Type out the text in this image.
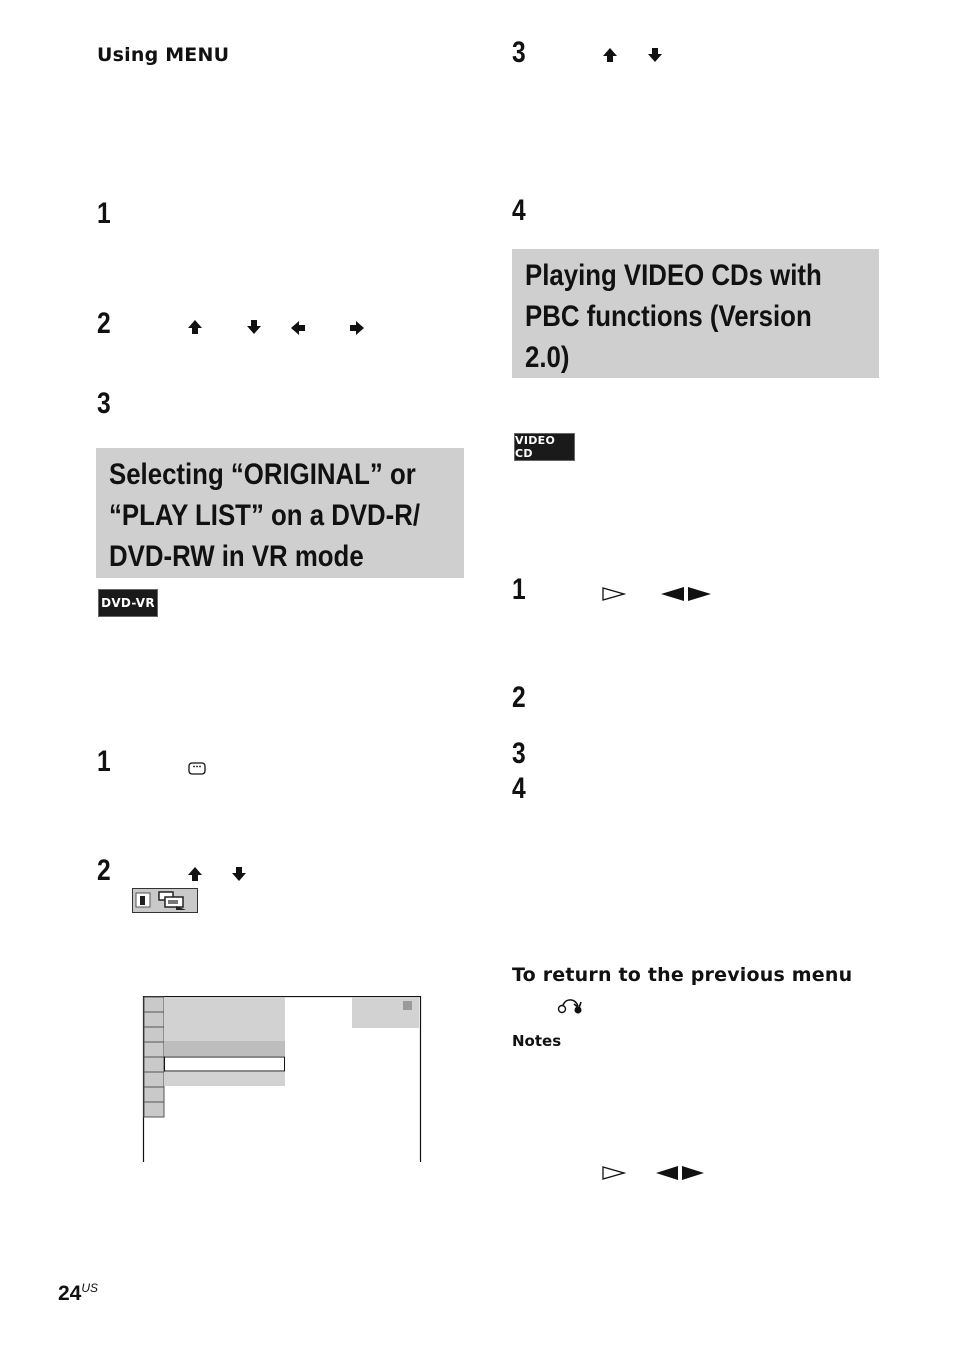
Using MENU
1
2
3
Selecting “ORIGINAL” or
“PLAY LIST” on a DVD-R/
DVD-RW in VR mode
DVD-VR
1
2
3
4
Playing VIDEO CDs with
PBC functions (Version
2.0)
VIDEO CD
1
2
3
4
To return to the previous menu
Notes
$24^{US}$
